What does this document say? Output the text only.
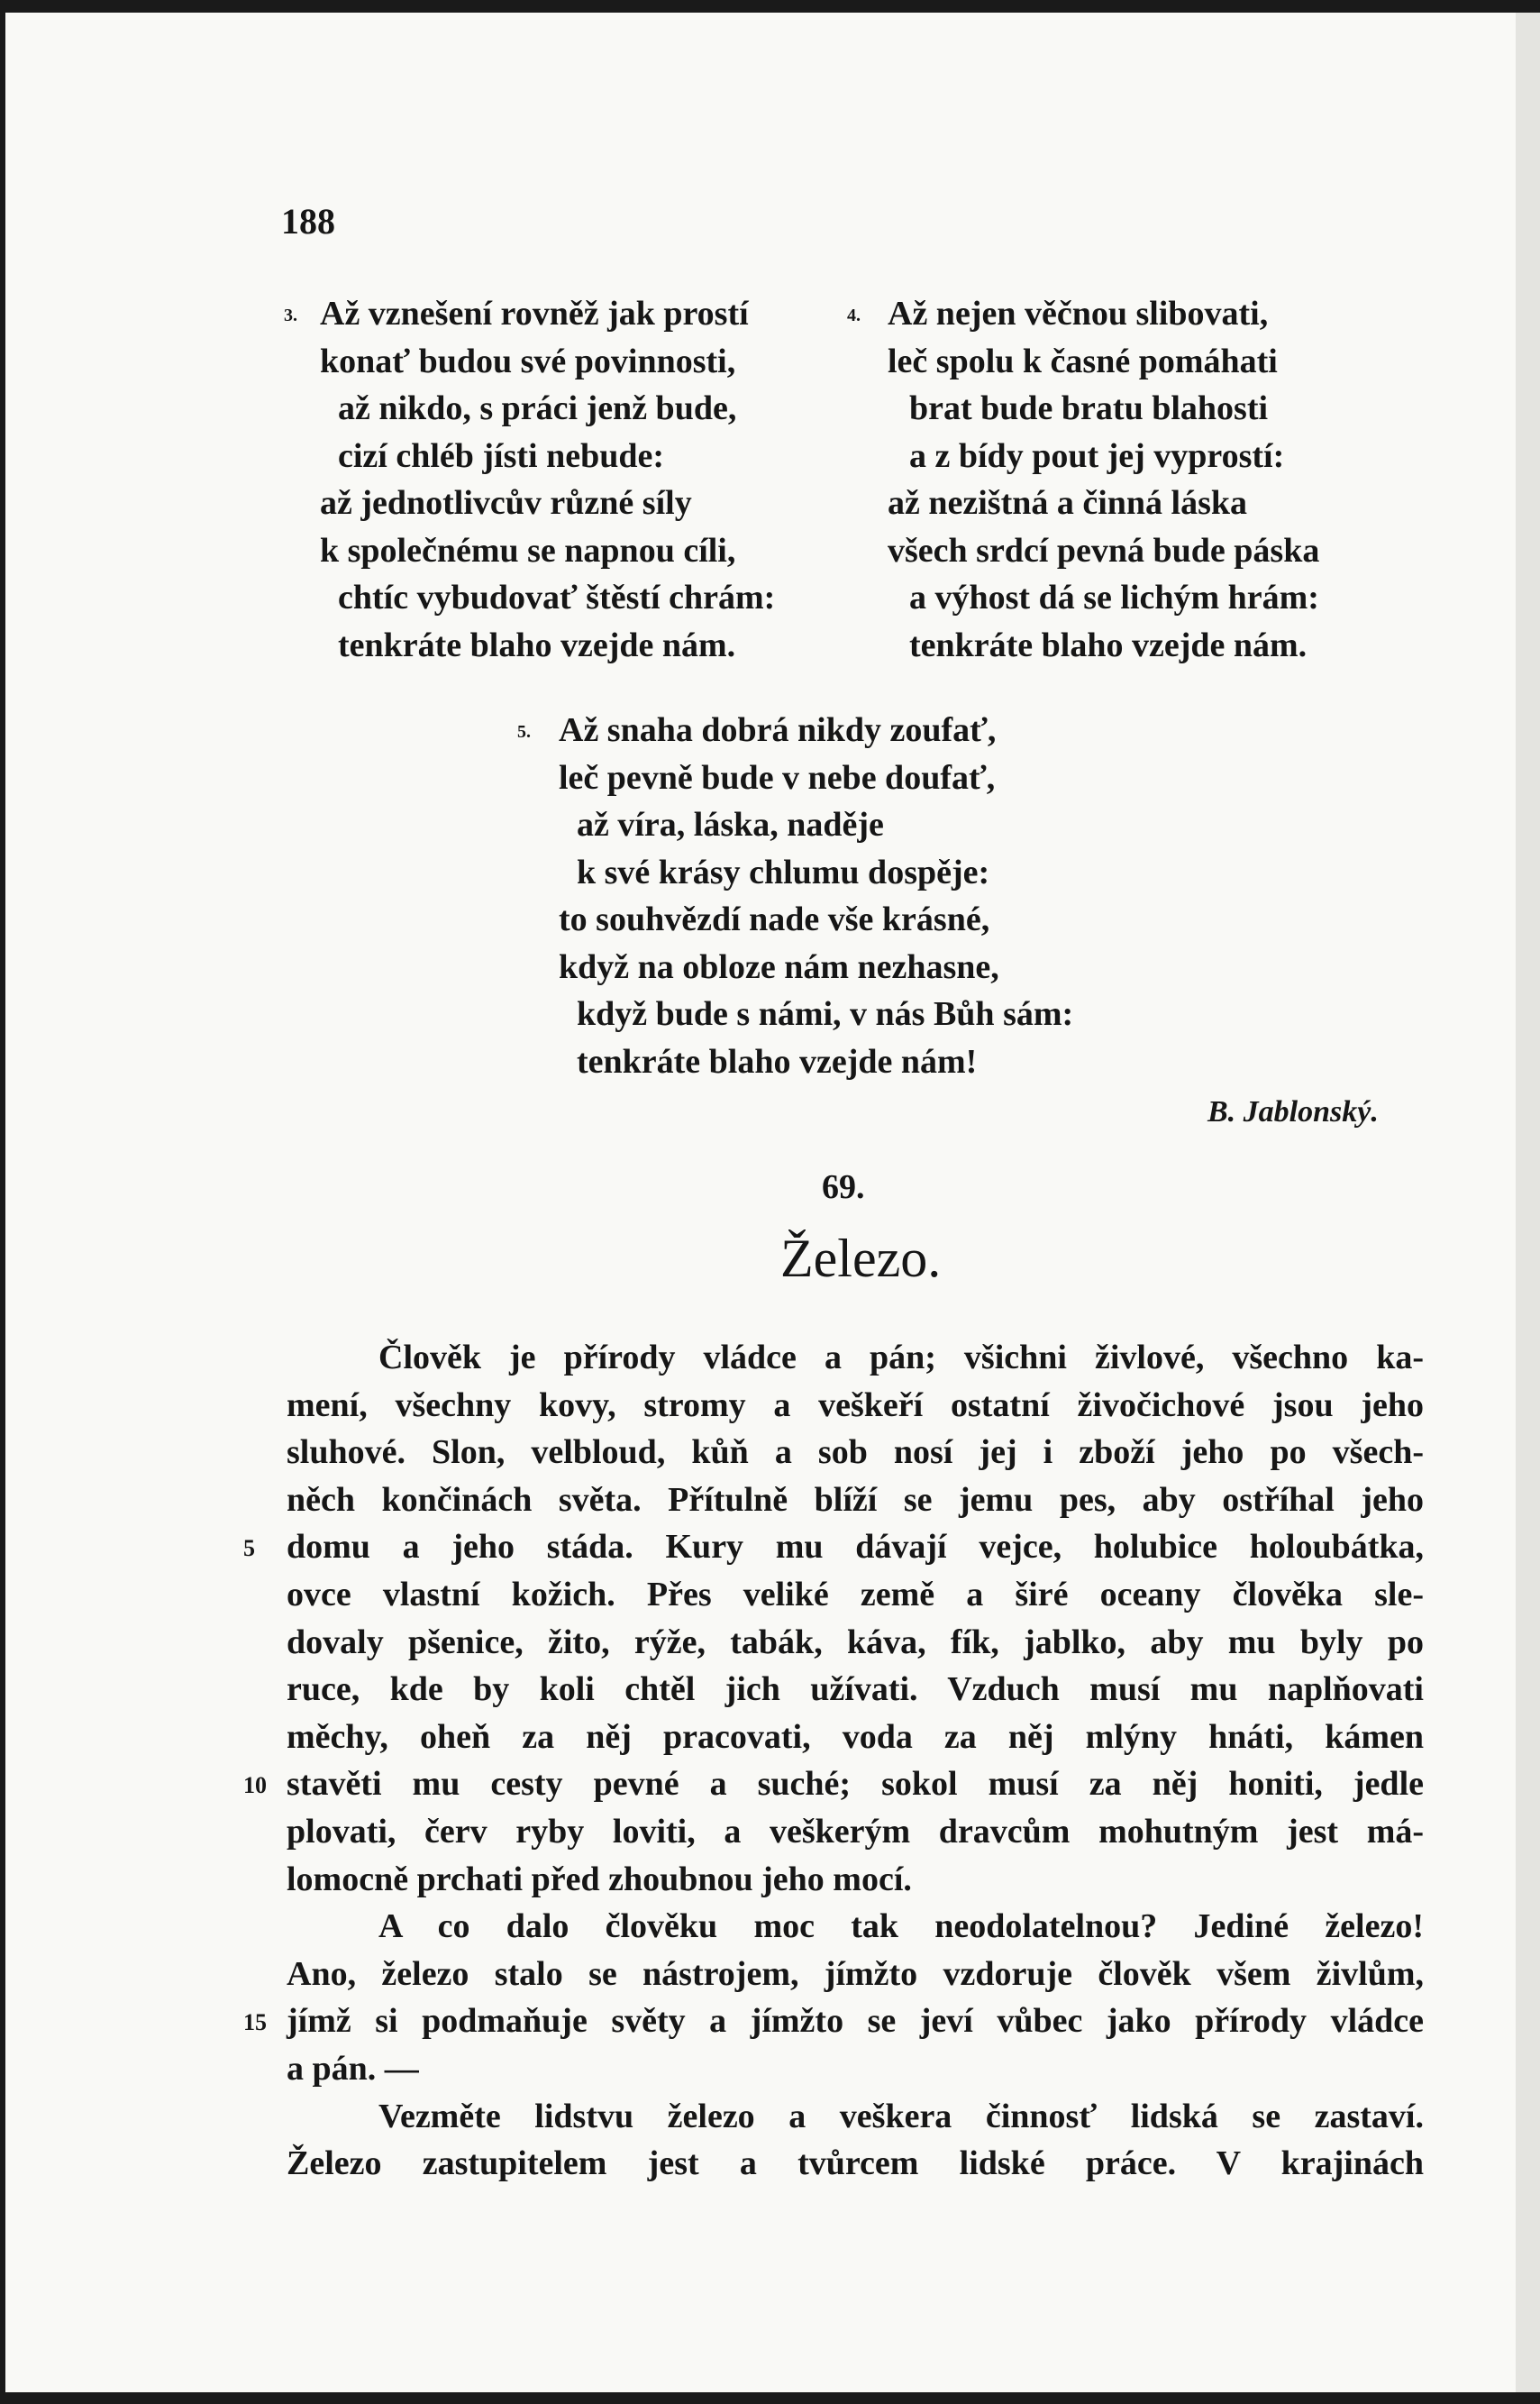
188
3. Až vznešení rovněž jak prostí
konať budou své povinnosti,
až nikdo, s práci jenž bude,
cizí chléb jísti nebude:
až jednotlivcův různé síly
k společnému se napnou cíli,
chtíc vybudovať štěstí chrám:
tenkráte blaho vzejde nám.
4. Až nejen věčnou slibovati,
leč spolu k časné pomáhati
brat bude bratu blahosti
a z bídy pout jej vyprostí:
až nezištná a činná láska
všech srdcí pevná bude páska
a výhost dá se lichým hrám:
tenkráte blaho vzejde nám.
5. Až snaha dobrá nikdy zoufať,
leč pevně bude v nebe doufať,
až víra, láska, naděje
k své krásy chlumu dospěje:
to souhvězdí nade vše krásné,
když na obloze nám nezhasne,
když bude s námi, v nás Bůh sám:
tenkráte blaho vzejde nám!
B. Jablonský.
69.
Železo.
Člověk je přírody vládce a pán; všichni živlové, všechno ka-
mení, všechny kovy, stromy a veškeří ostatní živočichové jsou jeho
sluhové. Slon, velbloud, kůň a sob nosí jej i zboží jeho po všech-
něch končinách světa. Přítulně blíží se jemu pes, aby ostříhal jeho
5 domu a jeho stáda. Kury mu dávají vejce, holubice holoubátka,
ovce vlastní kožich. Přes veliké země a širé oceany člověka sle-
dovaly pšenice, žito, rýže, tabák, káva, fík, jablko, aby mu byly po
ruce, kde by koli chtěl jich užívati. Vzduch musí mu naplňovati
měchy, oheň za něj pracovati, voda za něj mlýny hnáti, kámen
10 stavěti mu cesty pevné a suché; sokol musí za něj honiti, jedle
plovati, červ ryby loviti, a veškerým dravcům mohutným jest má-
lomocně prchati před zhoubnou jeho mocí.
A co dalo člověku moc tak neodolatelnou? Jediné železo!
Ano, železo stalo se nástrojem, jímžto vzdoruje člověk všem živlům,
15 jímž si podmaňuje světy a jímžto se jeví vůbec jako přírody vládce
a pán. —
Vezměte lidstvu železo a veškera činnosť lidská se zastaví.
Železo zastupitelem jest a tvůrcem lidské práce. V krajinách
